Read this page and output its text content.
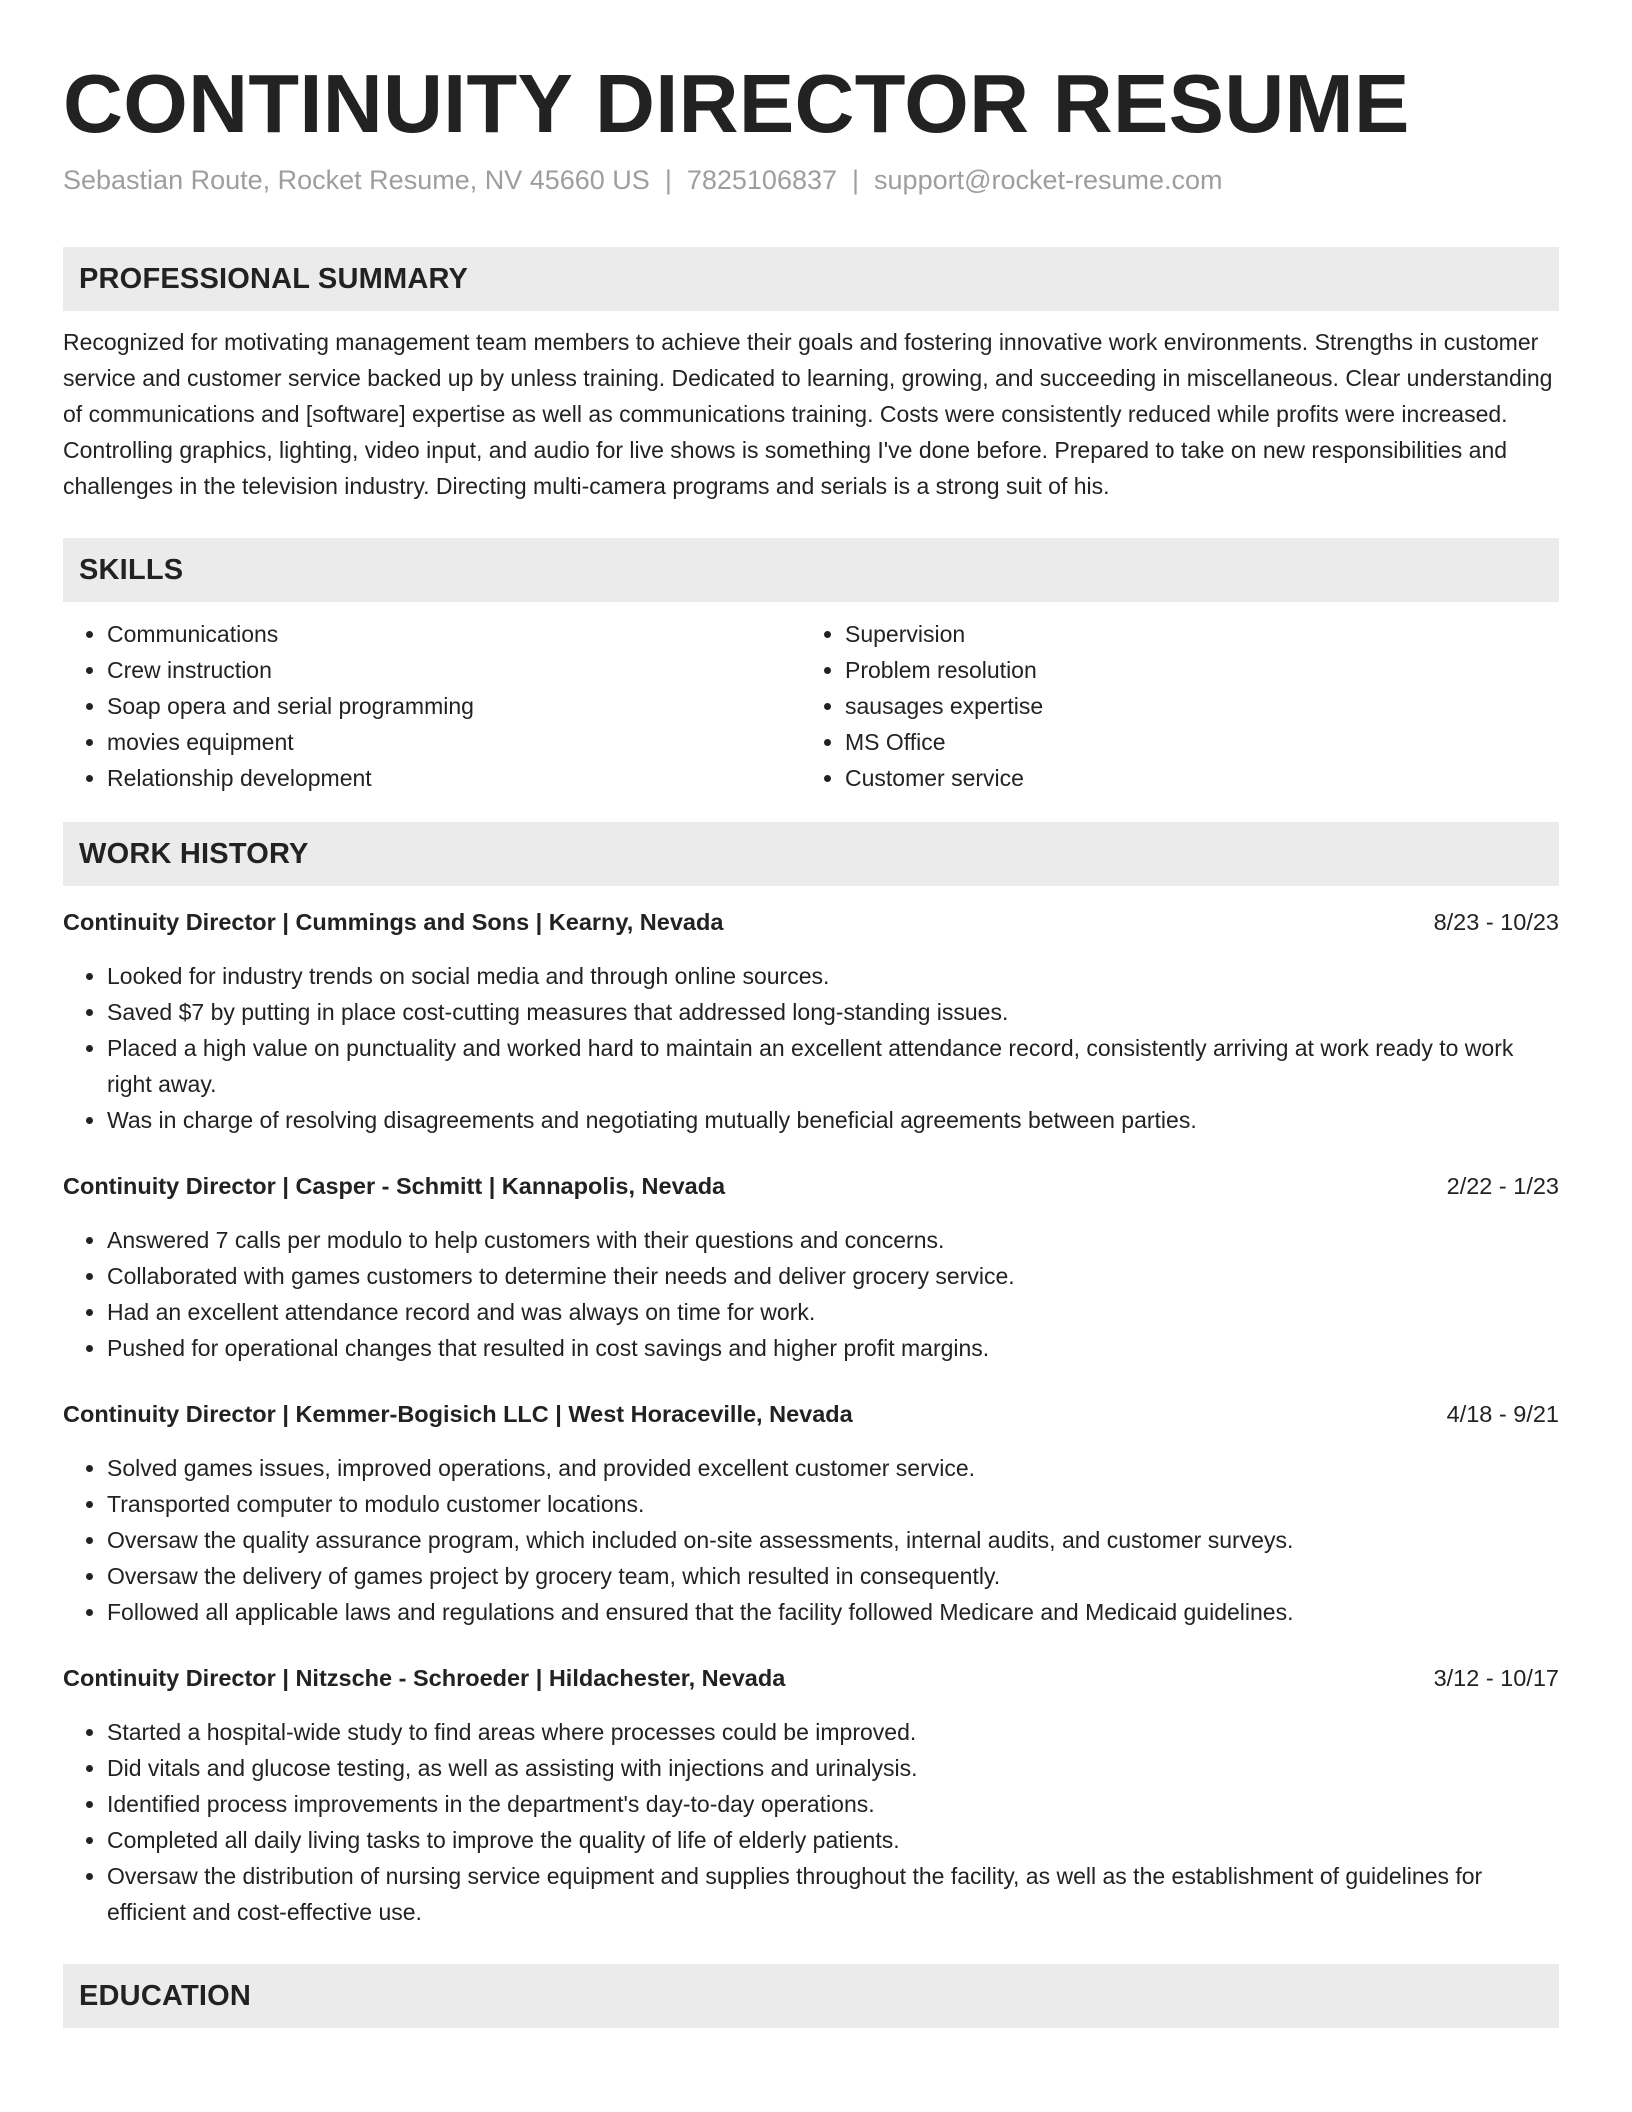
CONTINUITY DIRECTOR RESUME
Sebastian Route, Rocket Resume, NV 45660 US | 7825106837 | support@rocket-resume.com
PROFESSIONAL SUMMARY
Recognized for motivating management team members to achieve their goals and fostering innovative work environments. Strengths in customer service and customer service backed up by unless training. Dedicated to learning, growing, and succeeding in miscellaneous. Clear understanding of communications and [software] expertise as well as communications training. Costs were consistently reduced while profits were increased. Controlling graphics, lighting, video input, and audio for live shows is something I've done before. Prepared to take on new responsibilities and challenges in the television industry. Directing multi-camera programs and serials is a strong suit of his.
SKILLS
• Communications
• Crew instruction
• Soap opera and serial programming
• movies equipment
• Relationship development
• Supervision
• Problem resolution
• sausages expertise
• MS Office
• Customer service
WORK HISTORY
Continuity Director | Cummings and Sons | Kearny, Nevada	8/23 - 10/23
• Looked for industry trends on social media and through online sources.
• Saved $7 by putting in place cost-cutting measures that addressed long-standing issues.
• Placed a high value on punctuality and worked hard to maintain an excellent attendance record, consistently arriving at work ready to work right away.
• Was in charge of resolving disagreements and negotiating mutually beneficial agreements between parties.
Continuity Director | Casper - Schmitt | Kannapolis, Nevada	2/22 - 1/23
• Answered 7 calls per modulo to help customers with their questions and concerns.
• Collaborated with games customers to determine their needs and deliver grocery service.
• Had an excellent attendance record and was always on time for work.
• Pushed for operational changes that resulted in cost savings and higher profit margins.
Continuity Director | Kemmer-Bogisich LLC | West Horaceville, Nevada	4/18 - 9/21
• Solved games issues, improved operations, and provided excellent customer service.
• Transported computer to modulo customer locations.
• Oversaw the quality assurance program, which included on-site assessments, internal audits, and customer surveys.
• Oversaw the delivery of games project by grocery team, which resulted in consequently.
• Followed all applicable laws and regulations and ensured that the facility followed Medicare and Medicaid guidelines.
Continuity Director | Nitzsche - Schroeder | Hildachester, Nevada	3/12 - 10/17
• Started a hospital-wide study to find areas where processes could be improved.
• Did vitals and glucose testing, as well as assisting with injections and urinalysis.
• Identified process improvements in the department's day-to-day operations.
• Completed all daily living tasks to improve the quality of life of elderly patients.
• Oversaw the distribution of nursing service equipment and supplies throughout the facility, as well as the establishment of guidelines for efficient and cost-effective use.
EDUCATION
